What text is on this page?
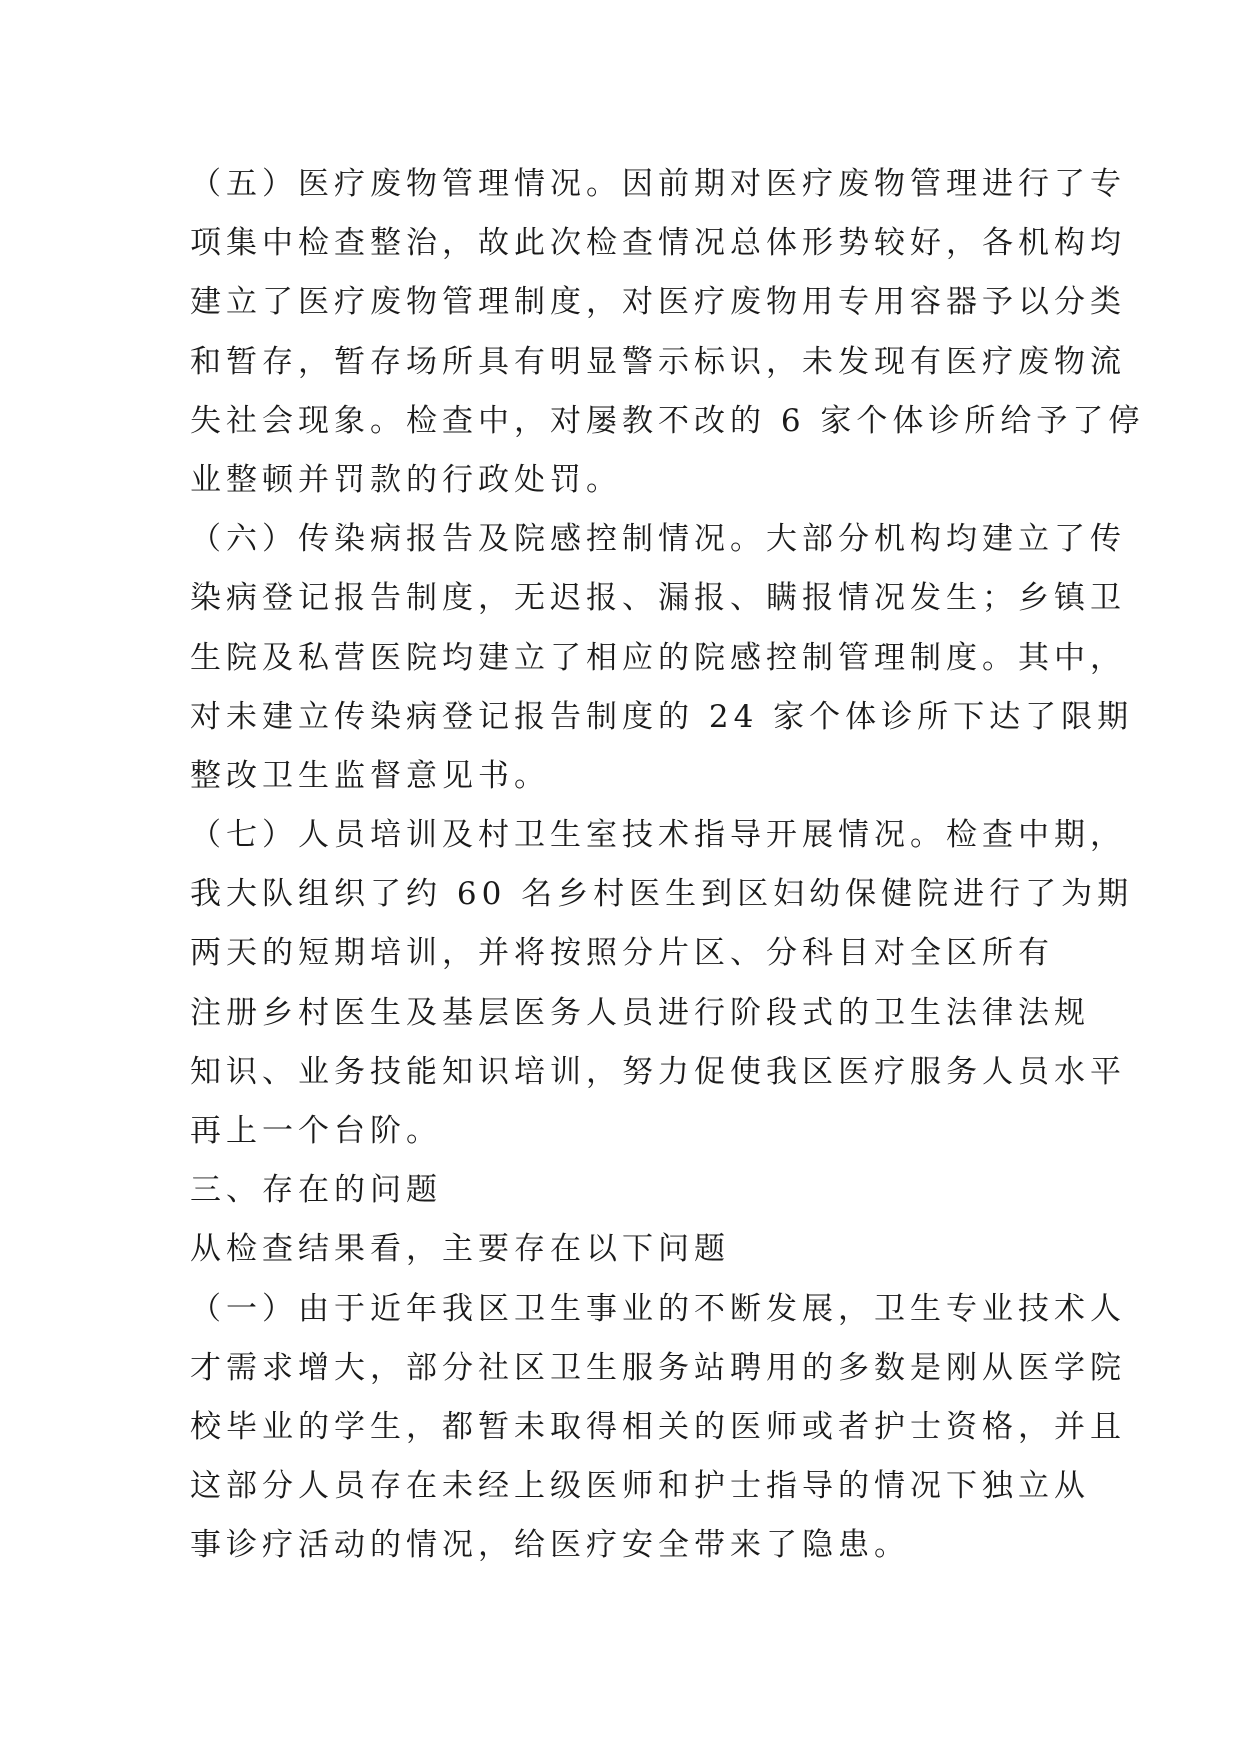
（五）医疗废物管理情况。因前期对医疗废物管理进行了专

项集中检查整治，故此次检查情况总体形势较好，各机构均

建立了医疗废物管理制度，对医疗废物用专用容器予以分类

和暂存，暂存场所具有明显警示标识，未发现有医疗废物流

失社会现象。检查中，对屡教不改的 6 家个体诊所给予了停

业整顿并罚款的行政处罚。

（六）传染病报告及院感控制情况。大部分机构均建立了传

染病登记报告制度，无迟报、漏报、瞒报情况发生；乡镇卫

生院及私营医院均建立了相应的院感控制管理制度。其中，

对未建立传染病登记报告制度的 24 家个体诊所下达了限期

整改卫生监督意见书。

（七）人员培训及村卫生室技术指导开展情况。检查中期，

我大队组织了约 60 名乡村医生到区妇幼保健院进行了为期

两天的短期培训，并将按照分片区、分科目对全区所有

注册乡村医生及基层医务人员进行阶段式的卫生法律法规

知识、业务技能知识培训，努力促使我区医疗服务人员水平

再上一个台阶。

三、存在的问题

从检查结果看，主要存在以下问题

（一）由于近年我区卫生事业的不断发展，卫生专业技术人

才需求增大，部分社区卫生服务站聘用的多数是刚从医学院

校毕业的学生，都暂未取得相关的医师或者护士资格，并且

这部分人员存在未经上级医师和护士指导的情况下独立从

事诊疗活动的情况，给医疗安全带来了隐患。
